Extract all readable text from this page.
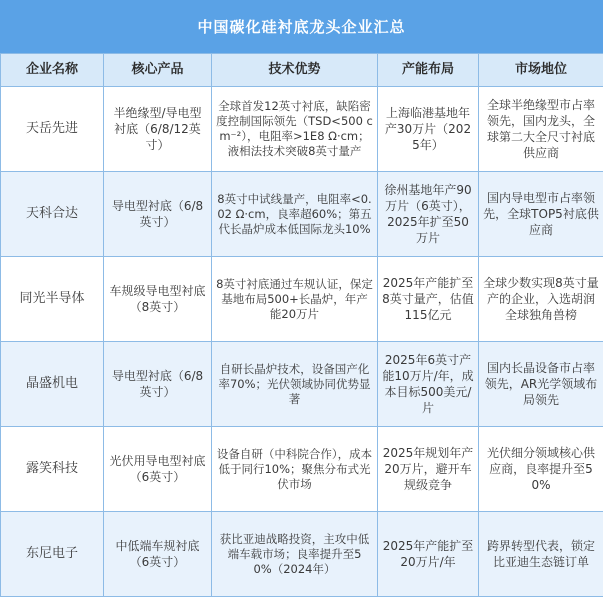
中国碳化硅衬底龙头企业汇总
企业名称	核心产品	技术优势	产能布局	市场地位
天岳先进	半绝缘型/导电型衬底（6/8/12英寸）	全球首发12英寸衬底，缺陷密度控制国际领先（TSD<500 cm⁻²），电阻率>1E8 Ω·cm；液相法技术突破8英寸量产	上海临港基地年产30万片（2025年）	全球半绝缘型市占率领先，国内龙头，全球第二大全尺寸衬底供应商
天科合达	导电型衬底（6/8英寸）	8英寸中试线量产，电阻率<0.02 Ω·cm，良率超60%；第五代长晶炉成本低国际龙头10%	徐州基地年产90万片（6英寸），2025年扩至50万片	国内导电型市占率领先，全球TOP5衬底供应商
同光半导体	车规级导电型衬底（8英寸）	8英寸衬底通过车规认证，保定基地布局500+长晶炉，年产能20万片	2025年产能扩至8英寸量产，估值115亿元	全球少数实现8英寸量产的企业，入选胡润全球独角兽榜
晶盛机电	导电型衬底（6/8英寸）	自研长晶炉技术，设备国产化率70%；光伏领域协同优势显著	2025年6英寸产能10万片/年，成本目标500美元/片	国内长晶设备市占率领先，AR光学领域布局领先
露笑科技	光伏用导电型衬底（6英寸）	设备自研（中科院合作），成本低于同行10%；聚焦分布式光伏市场	2025年规划年产20万片，避开车规级竞争	光伏细分领域核心供应商，良率提升至50%
东尼电子	中低端车规衬底（6英寸）	获比亚迪战略投资，主攻中低端车载市场；良率提升至50%（2024年）	2025年产能扩至20万片/年	跨界转型代表，锁定比亚迪生态链订单
